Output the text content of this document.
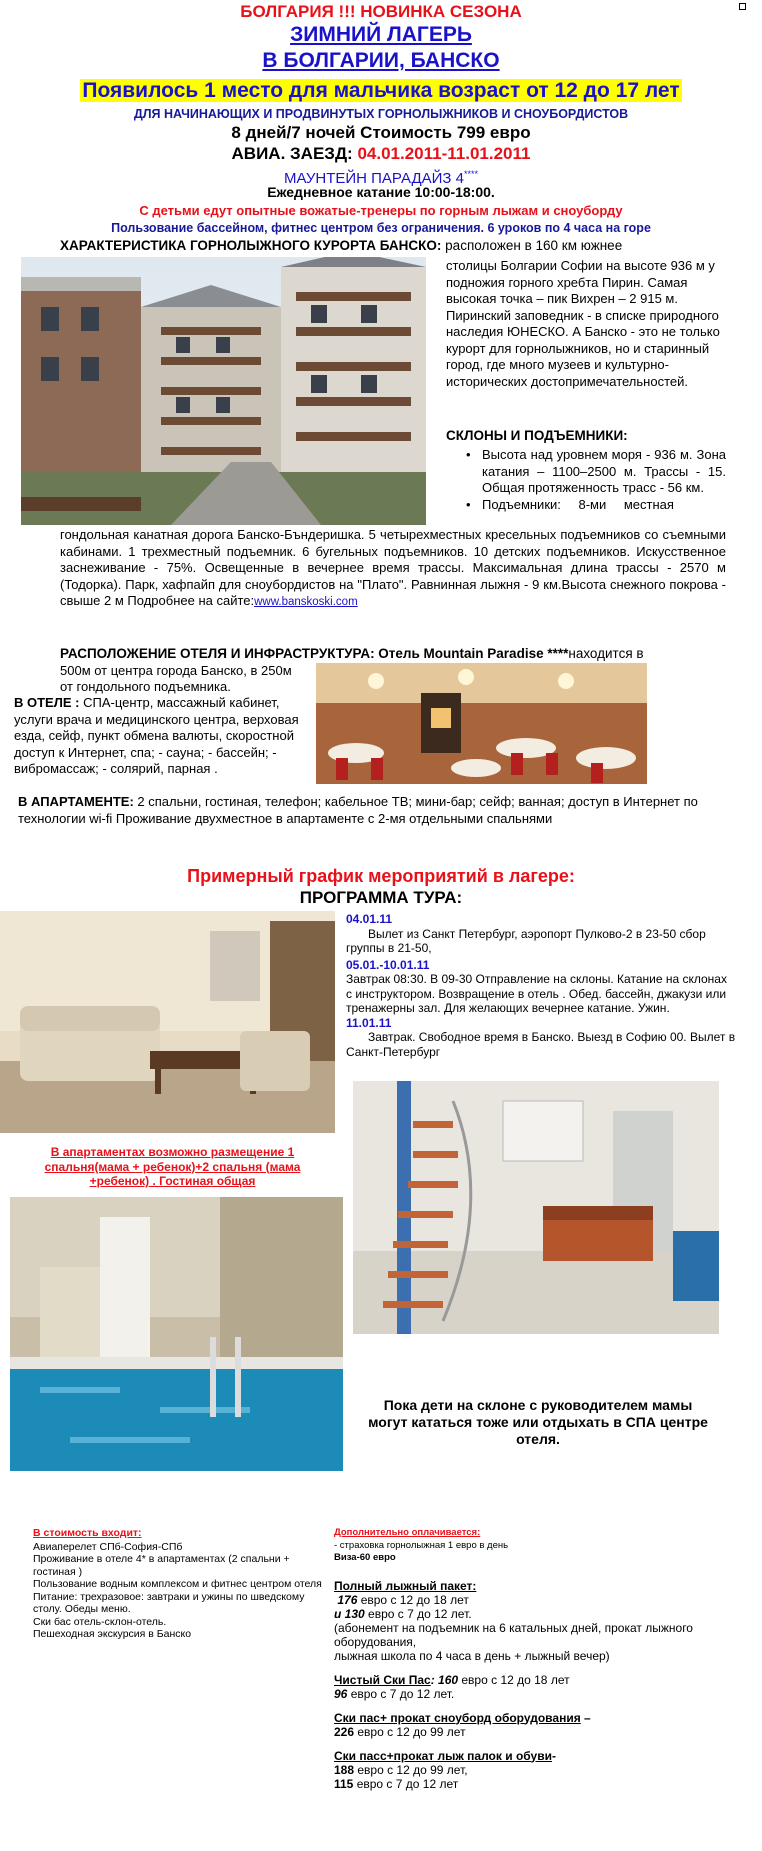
БОЛГАРИЯ !!! НОВИНКА СЕЗОНА
ЗИМНИЙ ЛАГЕРЬ
В БОЛГАРИИ, БАНСКО
Появилось 1 место для мальчика возраст от 12 до 17 лет
ДЛЯ НАЧИНАЮЩИХ И ПРОДВИНУТЫХ ГОРНОЛЫЖНИКОВ И СНОУБОРДИСТОВ
8 дней/7 ночей Стоимость 799 евро
АВИА. ЗАЕЗД: 04.01.2011-11.01.2011
МАУНТЕЙН ПАРАДАЙЗ 4****
Ежедневное катание 10:00-18:00.
С детьми едут опытные вожатые-тренеры по горным лыжам и сноуборду
Пользование бассейном, фитнес центром без ограничения. 6 уроков по 4 часа на горе
ХАРАКТЕРИСТИКА ГОРНОЛЫЖНОГО КУРОРТА БАНСКО: расположен в 160 км южнее
столицы Болгарии Софии на высоте 936 м у подножия горного хребта Пирин. Самая высокая точка – пик Вихрен – 2 915 м. Пиринский заповедник - в списке природного наследия ЮНЕСКО. А Банско - это не только курорт для горнолыжников, но и старинный город, где много музеев и культурно-исторических достопримечательностей.
СКЛОНЫ И ПОДЪЕМНИКИ:
• Высота над уровнем моря - 936 м. Зона катания – 1100–2500 м. Трассы - 15. Общая протяженность трасс - 56 км.
• Подъемники: 8-ми местная
гондольная канатная дорога Банско-Бъндеришка. 5 четырехместных кресельных подъемников со съемными кабинами. 1 трехместный подъемник. 6 бугельных подъемников. 10 детских подъемников. Искусственное заснеживание - 75%. Освещенные в вечернее время трассы. Максимальная длина трассы - 2570 м (Тодорка). Парк, хафпайп для сноубордистов на "Плато". Равнинная лыжня - 9 км.Высота снежного покрова - свыше 2 м Подробнее на сайте:www.banskoski.com
РАСПОЛОЖЕНИЕ ОТЕЛЯ И ИНФРАСТРУКТУРА: Отель Mountain Paradise ****находится в
500м от центра города Банско, в 250м от гондольного подъемника.
В ОТЕЛЕ : СПА-центр, массажный кабинет, услуги врача и медицинского центра, верховая езда, сейф, пункт обмена валюты, скоростной доступ к Интернет, спа; - сауна; - бассейн; - вибромассаж; - солярий, парная .
В АПАРТАМЕНТЕ: 2 спальни, гостиная, телефон; кабельное ТВ; мини-бар; сейф; ванная; доступ в Интернет по технологии wi-fi Проживание двухместное в апартаменте с 2-мя отдельными спальнями
Примерный график мероприятий в лагере:
ПРОГРАММА ТУРА:
04.01.11
Вылет из Санкт Петербург, аэропорт Пулково-2 в 23-50 сбор группы в 21-50,
05.01.-10.01.11
Завтрак 08:30. В 09-30 Отправление на склоны. Катание на склонах с инструктором. Возвращение в отель . Обед. бассейн, джакузи или тренажерны зал. Для желающих вечернее катание. Ужин.
11.01.11
Завтрак. Свободное время в Банско. Выезд в Софию 00. Вылет в Санкт-Петербург
В апартаментах возможно размещение 1 спальня(мама + ребенок)+2 спальня (мама +ребенок) . Гостиная общая
Пока дети на склоне с руководителем мамы могут кататься тоже или отдыхать в СПА центре отеля.
В стоимость входит:
Авиаперелет СПб-София-СПб
Проживание в отеле 4* в апартаментах (2 спальни + гостиная )
Пользование водным комплексом и фитнес центром отеля
Питание: трехразовое: завтраки и ужины по шведскому столу. Обеды меню.
Ски бас отель-склон-отель.
Пешеходная экскурсия в Банско
Дополнительно оплачивается:
- страховка горнолыжная 1 евро в день
Виза-60 евро
Полный лыжный пакет:
176 евро с 12 до 18 лет
и 130 евро с 7 до 12 лет.
(абонемент на подъемник на 6 катальных дней, прокат лыжного оборудования,
лыжная школа по 4 часа в день + лыжный вечер)
Чистый Ски Пас: 160 евро с 12 до 18 лет
96 евро с 7 до 12 лет.
Ски пас+ прокат сноуборд оборудования –
226 евро с 12 до 99 лет
Ски пасс+прокат лыж палок и обуви-
188 евро с 12 до 99 лет,
115 евро с 7 до 12 лет
